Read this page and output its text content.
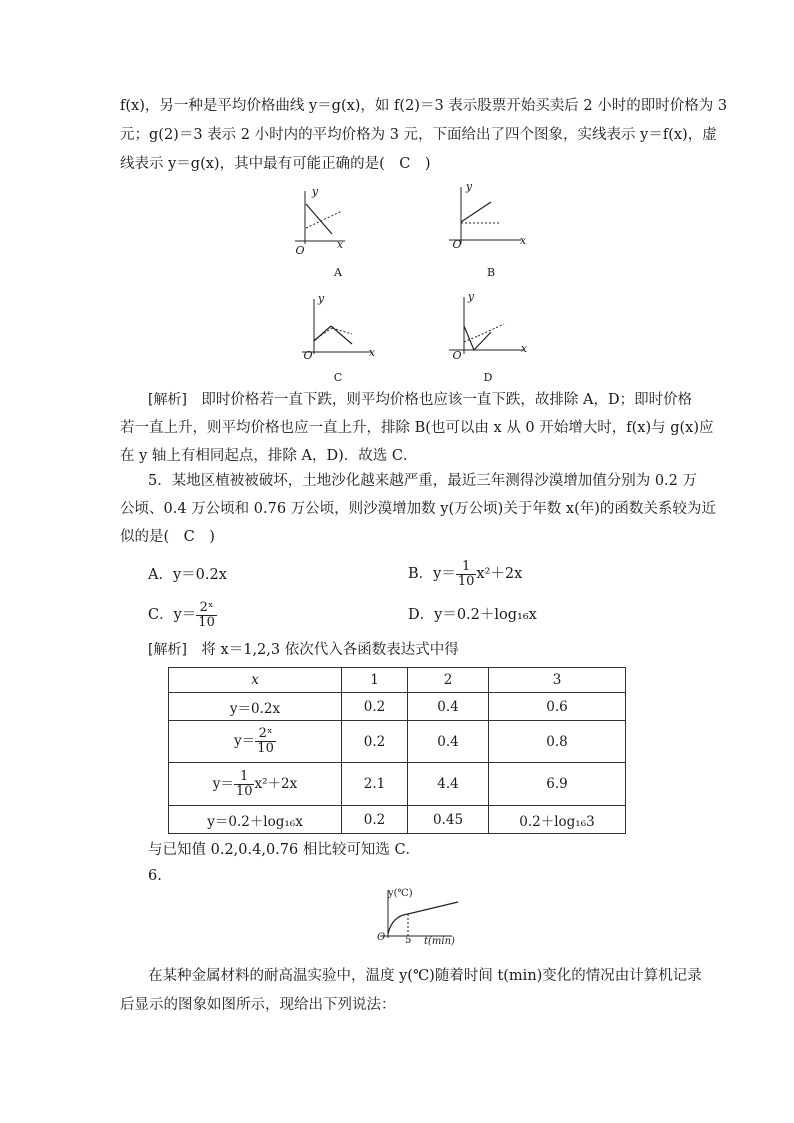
f(x)，另一种是平均价格曲线 y＝g(x)，如 f(2)＝3 表示股票开始买卖后 2 小时的即时价格为 3
元；g(2)＝3 表示 2 小时内的平均价格为 3 元，下面给出了四个图象，实线表示 y＝f(x)，虚
线表示 y＝g(x)，其中最有可能正确的是(　C　)
y
x
O
A
y
x
O
B
y
x
O
C
y
x
O
D
[解析]　即时价格若一直下跌，则平均价格也应该一直下跌，故排除 A，D；即时价格
若一直上升，则平均价格也应一直上升，排除 B(也可以由 x 从 0 开始增大时，f(x)与 g(x)应
在 y 轴上有相同起点，排除 A，D)．故选 C．
5．某地区植被被破坏，土地沙化越来越严重，最近三年测得沙漠增加值分别为 0.2 万
公顷、0.4 万公顷和 0.76 万公顷，则沙漠增加数 y(万公顷)关于年数 x(年)的函数关系较为近
似的是(　C　)
A．y＝0.2x	B．$y= \frac{1}{10} x^2+2x$
C．$y= \frac{\text{2ˣ}}{10}$	D．y＝0.2＋log₁₆x
[解析]　将 x＝1,2,3 依次代入各函数表达式中得
x	1	2	3
y＝0.2x	0.2	0.4	0.6
$y= \frac{\text{2ˣ}}{10}$	0.2	0.4	0.8
$y= \frac{1}{10} x^2+2x$	2.1	4.4	6.9
y＝0.2＋log₁₆x	0.2	0.45	0.2＋log₁₆3
与已知值 0.2,0.4,0.76 相比较可知选 C．
6.
y(℃)
t(min)
O 5
在某种金属材料的耐高温实验中，温度 y(℃)随着时间 t(min)变化的情况由计算机记录
后显示的图象如图所示，现给出下列说法：
